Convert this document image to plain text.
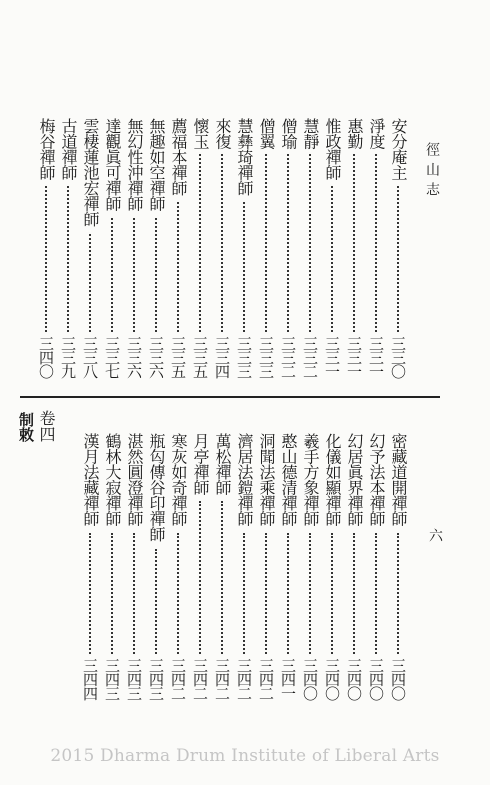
徑山志
六
安分庵主
三三〇
淨度
三三一
惠勤
三三一
惟政禪師
三三一
慧靜
三三二
僧瑜
三三二
僧翼
三三三
慧彝琦禪師
三三三
來復
三三四
懷玉
三三五
薦福本禪師
三三五
無趣如空禪師
三三六
無幻性沖禪師
三三六
達觀眞可禪師
三三七
雲棲蓮池宏禪師
三三八
古道禪師
三三九
梅谷禪師
三四〇
密藏道開禪師
三四〇
幻予法本禪師
三四〇
幻居眞界禪師
三四〇
化儀如顯禪師
三四〇
羲手方象禪師
三四〇
憨山德清禪師
三四一
洞聞法乘禪師
三四二
濟居法鎧禪師
三四二
萬松禪師
三四二
月亭禪師
三四二
寒灰如奇禪師
三四二
瓶匃傳谷印禪師
三四三
湛然圓澄禪師
三四三
鶴林大寂禪師
三四三
漢月法藏禪師
三四四
卷四
制敕
2015 Dharma Drum Institute of Liberal Arts
